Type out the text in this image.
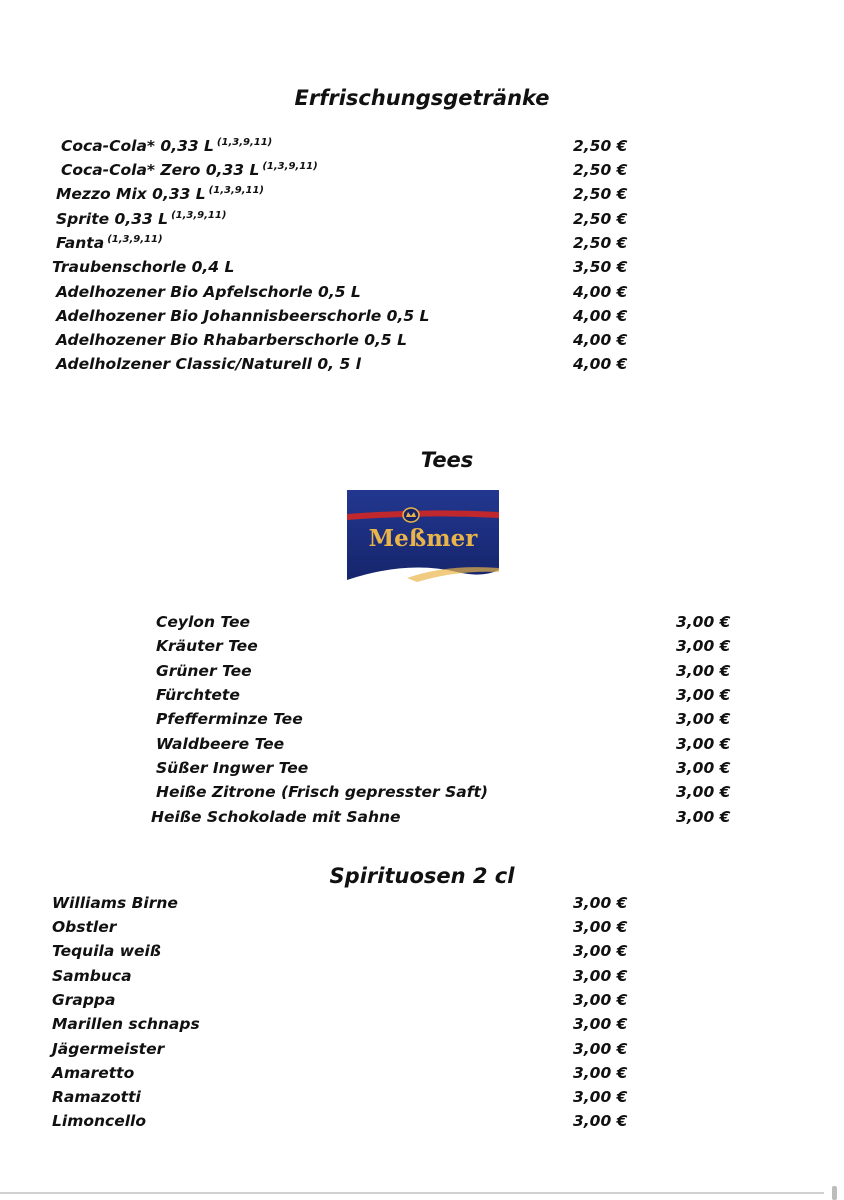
Erfrischungsgetränke
Coca-Cola* 0,33 L $^{(1,3,9,11)}$	2,50 €
Coca-Cola* Zero 0,33 L $^{(1,3,9,11)}$	2,50 €
Mezzo Mix 0,33 L $^{(1,3,9,11)}$	2,50 €
Sprite 0,33 L $^{(1,3,9,11)}$	2,50 €
Fanta $^{(1,3,9,11)}$	2,50 €
Traubenschorle 0,4 L	3,50 €
Adelhozener Bio Apfelschorle 0,5 L	4,00 €
Adelhozener Bio Johannisbeerschorle 0,5 L	4,00 €
Adelhozener Bio Rhabarberschorle 0,5 L	4,00 €
Adelholzener Classic/Naturell 0, 5 l	4,00 €
Tees
Meßmer
Ceylon Tee	3,00 €
Kräuter Tee	3,00 €
Grüner Tee	3,00 €
Fürchtete	3,00 €
Pfefferminze Tee	3,00 €
Waldbeere Tee	3,00 €
Süßer Ingwer Tee	3,00 €
Heiße Zitrone (Frisch gepresster Saft)	3,00 €
Heiße Schokolade mit Sahne	3,00 €
Spirituosen 2 cl
Williams Birne	3,00 €
Obstler	3,00 €
Tequila weiß	3,00 €
Sambuca	3,00 €
Grappa	3,00 €
Marillen schnaps	3,00 €
Jägermeister	3,00 €
Amaretto	3,00 €
Ramazotti	3,00 €
Limoncello	3,00 €
